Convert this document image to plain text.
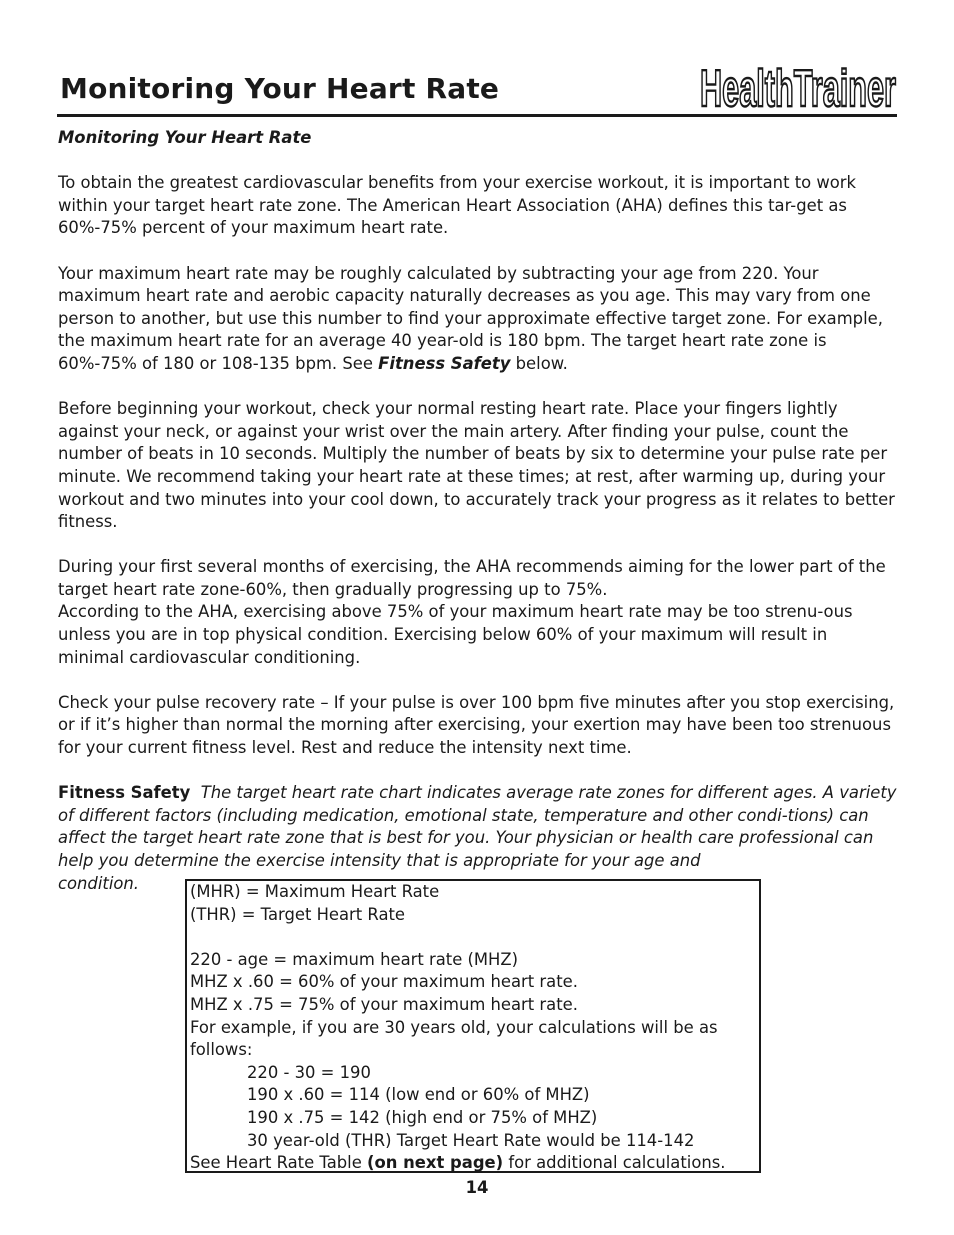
Monitoring Your Heart Rate	HealthTrainer

Monitoring Your Heart Rate

To obtain the greatest cardiovascular benefits from your exercise workout, it is important to work within your target heart rate zone. The American Heart Association (AHA) defines this tar-get as 60%-75% percent of your maximum heart rate.

Your maximum heart rate may be roughly calculated by subtracting your age from 220. Your maximum heart rate and aerobic capacity naturally decreases as you age. This may vary from one person to another, but use this number to find your approximate effective target zone. For example, the maximum heart rate for an average 40 year-old is 180 bpm. The target heart rate zone is 60%-75% of 180 or 108-135 bpm. See Fitness Safety below.

Before beginning your workout, check your normal resting heart rate. Place your fingers lightly against your neck, or against your wrist over the main artery. After finding your pulse, count the number of beats in 10 seconds. Multiply the number of beats by six to determine your pulse rate per minute. We recommend taking your heart rate at these times; at rest, after warming up, during your workout and two minutes into your cool down, to accurately track your progress as it relates to better fitness.

During your first several months of exercising, the AHA recommends aiming for the lower part of the target heart rate zone-60%, then gradually progressing up to 75%.

According to the AHA, exercising above 75% of your maximum heart rate may be too strenu-ous unless you are in top physical condition. Exercising below 60% of your maximum will result in minimal cardiovascular conditioning.

Check your pulse recovery rate – If your pulse is over 100 bpm five minutes after you stop exercising, or if it’s higher than normal the morning after exercising, your exertion may have been too strenuous for your current fitness level. Rest and reduce the intensity next time.

Fitness Safety The target heart rate chart indicates average rate zones for different ages. A variety of different factors (including medication, emotional state, temperature and other condi-tions) can affect the target heart rate zone that is best for you. Your physician or health care professional can help you determine the exercise intensity that is appropriate for your age and

condition.	(MHR) = Maximum Heart Rate
(THR) = Target Heart Rate

220 - age = maximum heart rate (MHZ)
MHZ x .60 = 60% of your maximum heart rate.
MHZ x .75 = 75% of your maximum heart rate.
For example, if you are 30 years old, your calculations will be as
follows:
220 - 30 = 190
190 x .60 = 114 (low end or 60% of MHZ)
190 x .75 = 142 (high end or 75% of MHZ)
30 year-old (THR) Target Heart Rate would be 114-142
See Heart Rate Table (on next page) for additional calculations.
14
